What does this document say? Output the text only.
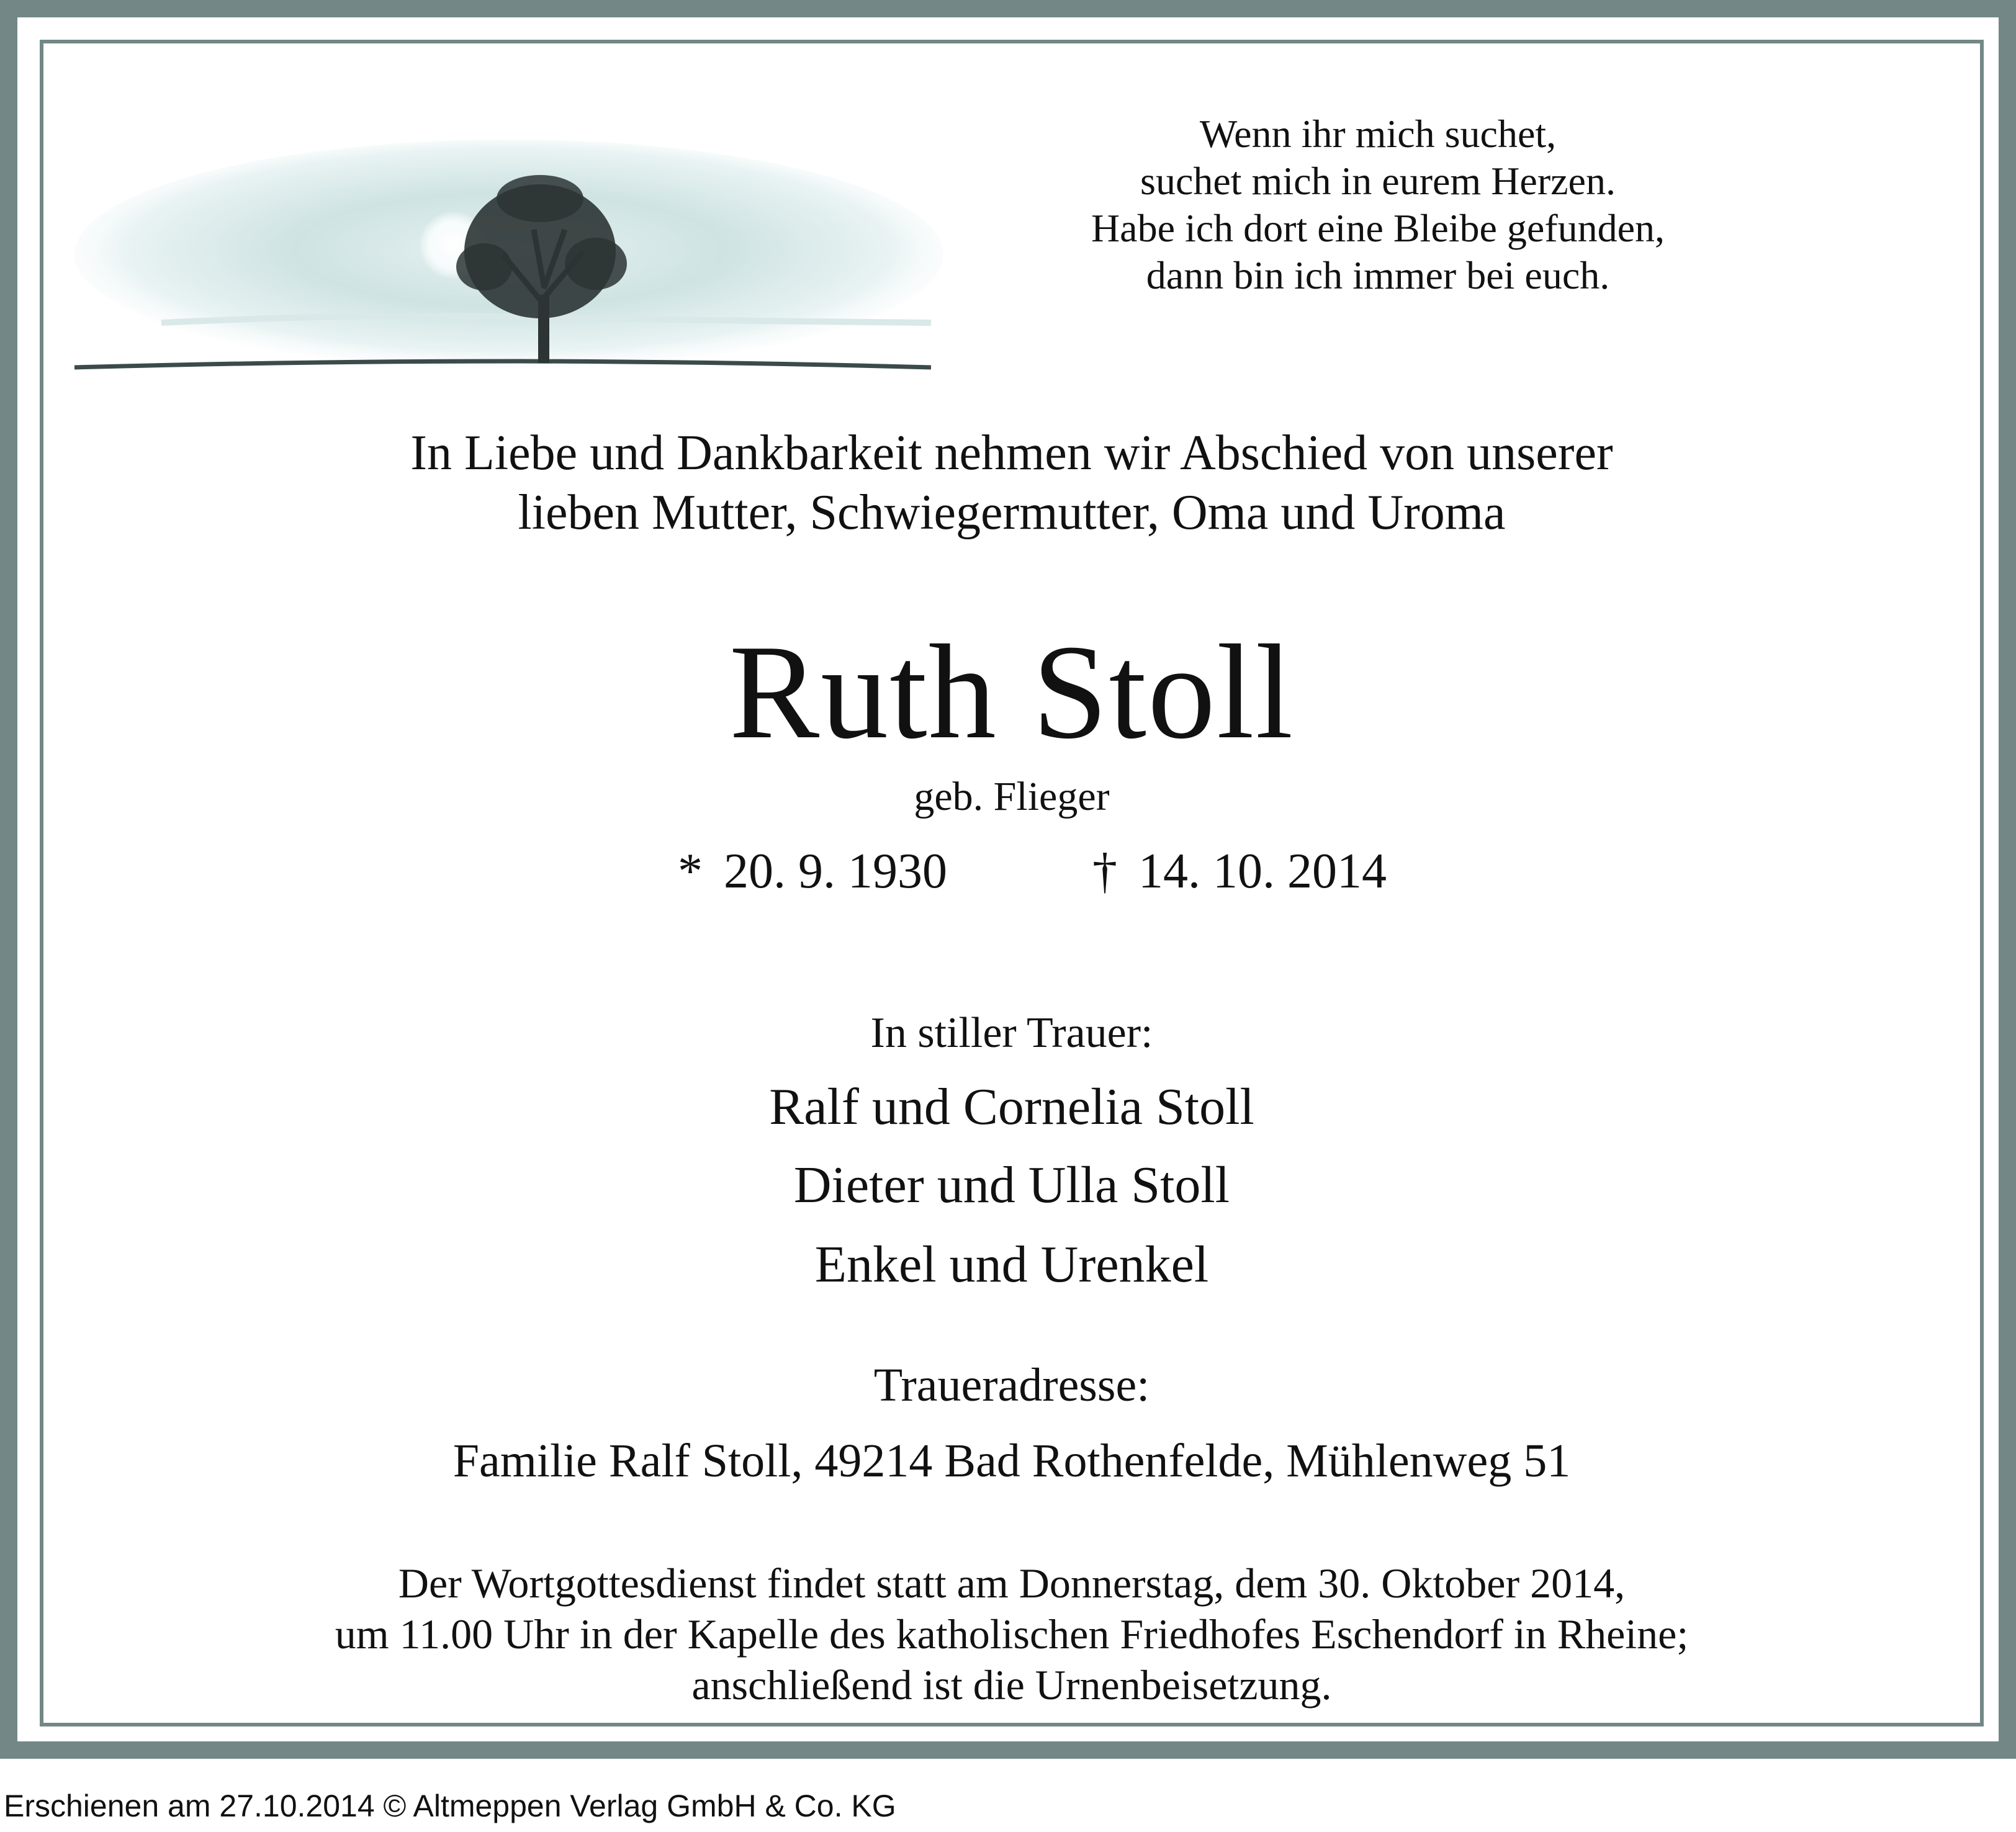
Wenn ihr mich suchet,
suchet mich in eurem Herzen.
Habe ich dort eine Bleibe gefunden,
dann bin ich immer bei euch.
In Liebe und Dankbarkeit nehmen wir Abschied von unserer
lieben Mutter, Schwiegermutter, Oma und Uroma
Ruth Stoll
geb. Flieger
* 20. 9. 1930	† 14. 10. 2014
In stiller Trauer:
Ralf und Cornelia Stoll
Dieter und Ulla Stoll
Enkel und Urenkel
Traueradresse:
Familie Ralf Stoll, 49214 Bad Rothenfelde, Mühlenweg 51
Der Wortgottesdienst findet statt am Donnerstag, dem 30. Oktober 2014,
um 11.00 Uhr in der Kapelle des katholischen Friedhofes Eschendorf in Rheine;
anschließend ist die Urnenbeisetzung.
Erschienen am 27.10.2014 © Altmeppen Verlag GmbH & Co. KG
